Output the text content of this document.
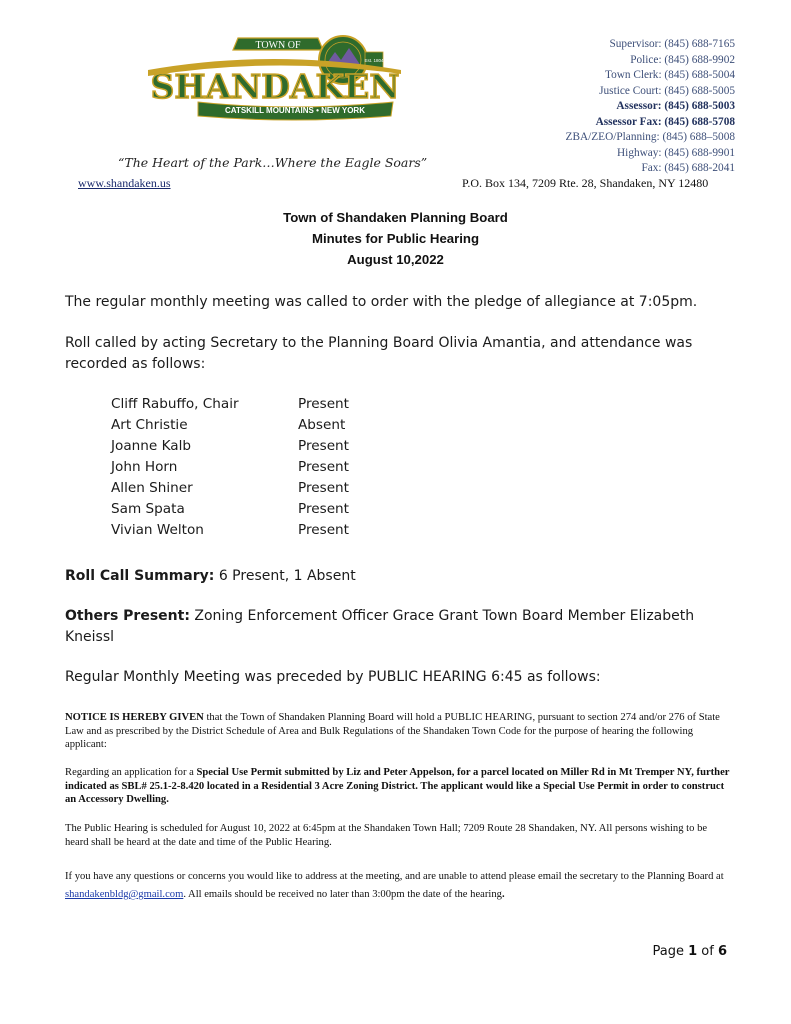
TOWN OF
Est. 1804
SHANDAKEN
CATSKILL MOUNTAINS • NEW YORK
“The Heart of the Park…Where the Eagle Soars”
www.shandaken.us	P.O. Box 134, 7209 Rte. 28, Shandaken, NY 12480
Supervisor: (845) 688-7165
Police: (845) 688-9902
Town Clerk: (845) 688-5004
Justice Court: (845) 688-5005
Assessor: (845) 688-5003
Assessor Fax: (845) 688-5708
ZBA/ZEO/Planning: (845) 688–5008
Highway: (845) 688-9901
Fax: (845) 688-2041
Town of Shandaken Planning Board
Minutes for Public Hearing
August 10,2022
The regular monthly meeting was called to order with the pledge of allegiance at 7:05pm.
Roll called by acting Secretary to the Planning Board Olivia Amantia, and attendance was recorded as follows:
Cliff Rabuffo, Chair	Present
Art Christie	Absent
Joanne Kalb	Present
John Horn	Present
Allen Shiner	Present
Sam Spata	Present
Vivian Welton	Present
Roll Call Summary: 6 Present, 1 Absent
Others Present: Zoning Enforcement Officer Grace Grant Town Board Member Elizabeth Kneissl
Regular Monthly Meeting was preceded by PUBLIC HEARING 6:45 as follows:
NOTICE IS HEREBY GIVEN that the Town of Shandaken Planning Board will hold a PUBLIC HEARING, pursuant to section 274 and/or 276 of State Law and as prescribed by the District Schedule of Area and Bulk Regulations of the Shandaken Town Code for the purpose of hearing the following applicant:
Regarding an application for a Special Use Permit submitted by Liz and Peter Appelson, for a parcel located on Miller Rd in Mt Tremper NY, further indicated as SBL# 25.1-2-8.420 located in a Residential 3 Acre Zoning District. The applicant would like a Special Use Permit in order to construct an Accessory Dwelling.
The Public Hearing is scheduled for August 10, 2022 at 6:45pm at the Shandaken Town Hall; 7209 Route 28 Shandaken, NY. All persons wishing to be heard shall be heard at the date and time of the Public Hearing.
If you have any questions or concerns you would like to address at the meeting, and are unable to attend please email the secretary to the Planning Board at shandakenbldg@gmail.com. All emails should be received no later than 3:00pm the date of the hearing.
Page 1 of 6
